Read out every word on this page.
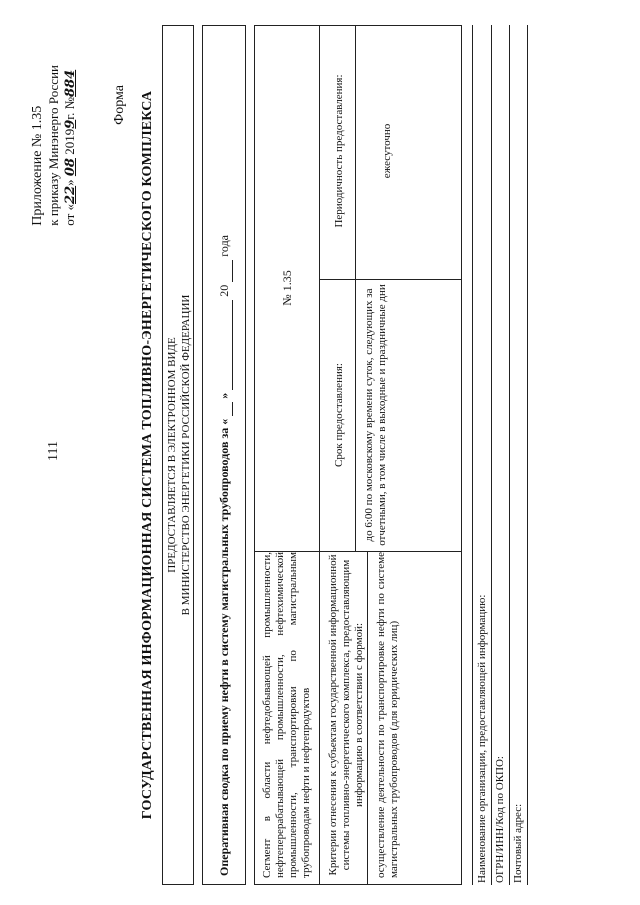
111
Приложение № 1.35 к приказу Минэнерго России от «22» 08 20199г. №884
Форма ГОСУДАРСТВЕННАЯ ИНФОРМАЦИОННАЯ СИСТЕМА ТОПЛИВНО-ЭНЕРГЕТИЧЕСКОГО КОМПЛЕКСА ПРЕДОСТАВЛЯЕТСЯ В ЭЛЕКТРОННОМ ВИДЕ В МИНИСТЕРСТВО ЭНЕРГЕТИКИ РОССИЙСКОЙ ФЕДЕРАЦИИ Оперативная сводка по приему нефти в систему магистральных трубопроводов за «   »   20   года
Сегмент в области нефтедобывающей промышленности, нефтеперерабатывающей промышленности, нефтехимической промышленности, транспортировки по магистральным трубопроводам нефти и нефтепродуктов
№ 1.35
Критерии отнесения к субъектам государственной информационной системы топливно-энергетического комплекса, предоставляющим информацию в соответствии с формой:
Срок предоставления:
Периодичность предоставления:
осуществление деятельности по транспортировке нефти по системе магистральных трубопроводов (для юридических лиц)
до 6:00 по московскому времени суток, следующих за отчетными, в том числе в выходные и праздничные дни
ежесуточно
Наименование организации, предоставляющей информацию: ОГРН/ИНН/Код по ОКПО: Почтовый адрес:
